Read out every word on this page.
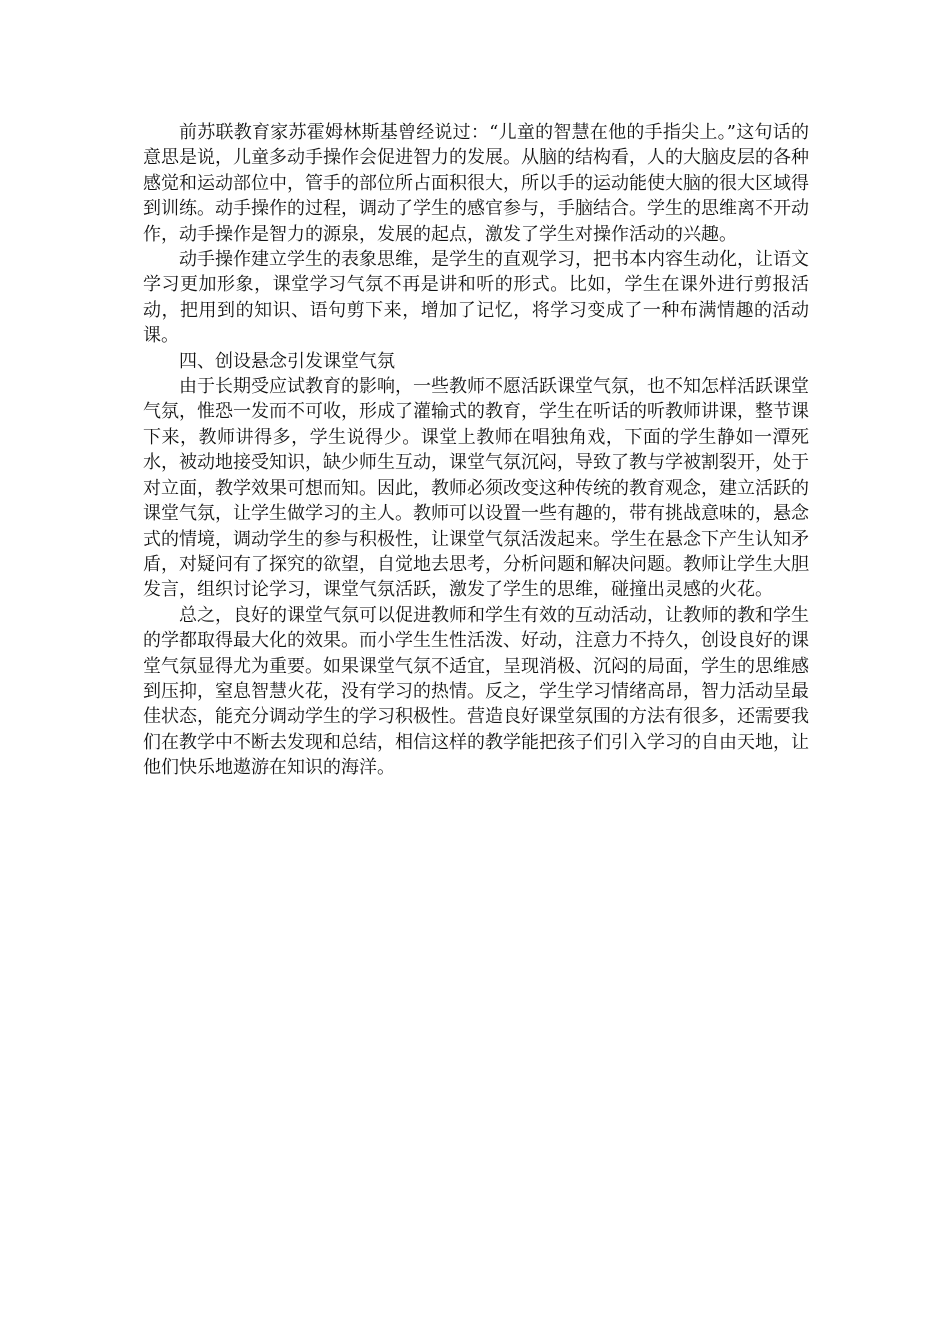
前苏联教育家苏霍姆林斯基曾经说过：“儿童的智慧在他的手指尖上。”这句话的意思是说，儿童多动手操作会促进智力的发展。从脑的结构看，人的大脑皮层的各种感觉和运动部位中，管手的部位所占面积很大，所以手的运动能使大脑的很大区域得到训练。动手操作的过程，调动了学生的感官参与，手脑结合。学生的思维离不开动作，动手操作是智力的源泉，发展的起点，激发了学生对操作活动的兴趣。

动手操作建立学生的表象思维，是学生的直观学习，把书本内容生动化，让语文学习更加形象，课堂学习气氛不再是讲和听的形式。比如，学生在课外进行剪报活动，把用到的知识、语句剪下来，增加了记忆，将学习变成了一种布满情趣的活动课。

四、创设悬念引发课堂气氛

由于长期受应试教育的影响，一些教师不愿活跃课堂气氛，也不知怎样活跃课堂气氛，惟恐一发而不可收，形成了灌输式的教育，学生在听话的听教师讲课，整节课下来，教师讲得多，学生说得少。课堂上教师在唱独角戏，下面的学生静如一潭死水，被动地接受知识，缺少师生互动，课堂气氛沉闷，导致了教与学被割裂开，处于对立面，教学效果可想而知。因此，教师必须改变这种传统的教育观念，建立活跃的课堂气氛，让学生做学习的主人。教师可以设置一些有趣的，带有挑战意味的，悬念式的情境，调动学生的参与积极性，让课堂气氛活泼起来。学生在悬念下产生认知矛盾，对疑问有了探究的欲望，自觉地去思考，分析问题和解决问题。教师让学生大胆发言，组织讨论学习，课堂气氛活跃，激发了学生的思维，碰撞出灵感的火花。

总之，良好的课堂气氛可以促进教师和学生有效的互动活动，让教师的教和学生的学都取得最大化的效果。而小学生生性活泼、好动，注意力不持久，创设良好的课堂气氛显得尤为重要。如果课堂气氛不适宜，呈现消极、沉闷的局面，学生的思维感到压抑，窒息智慧火花，没有学习的热情。反之，学生学习情绪高昂，智力活动呈最佳状态，能充分调动学生的学习积极性。营造良好课堂氛围的方法有很多，还需要我们在教学中不断去发现和总结，相信这样的教学能把孩子们引入学习的自由天地，让他们快乐地遨游在知识的海洋。
